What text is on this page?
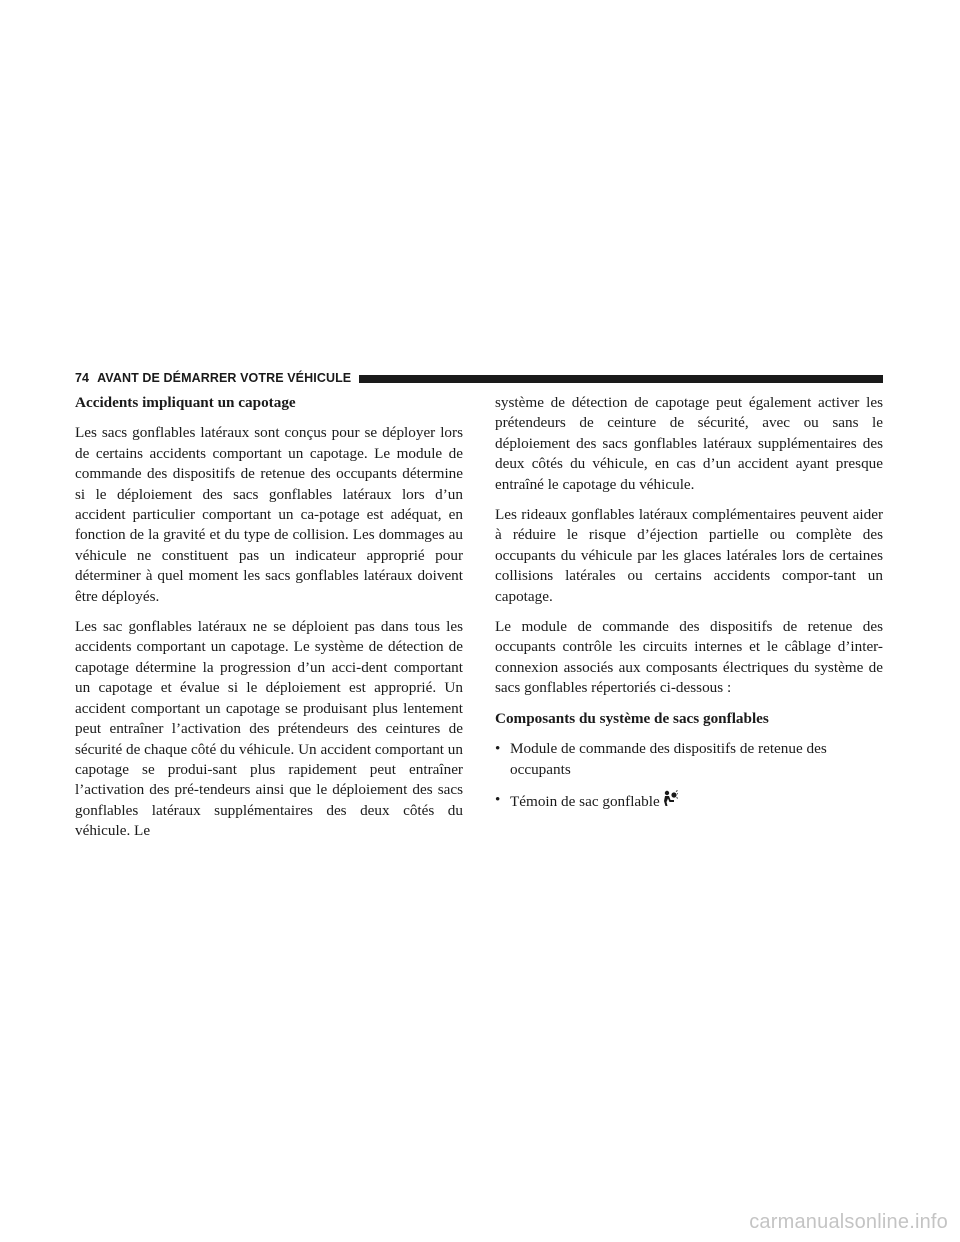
74 AVANT DE DÉMARRER VOTRE VÉHICULE
Accidents impliquant un capotage

Les sacs gonflables latéraux sont conçus pour se déployer lors de certains accidents comportant un capotage. Le module de commande des dispositifs de retenue des occupants détermine si le déploiement des sacs gonflables latéraux lors d’un accident particulier comportant un ca-potage est adéquat, en fonction de la gravité et du type de collision. Les dommages au véhicule ne constituent pas un indicateur approprié pour déterminer à quel moment les sacs gonflables latéraux doivent être déployés.

Les sac gonflables latéraux ne se déploient pas dans tous les accidents comportant un capotage. Le système de détection de capotage détermine la progression d’un acci-dent comportant un capotage et évalue si le déploiement est approprié. Un accident comportant un capotage se produisant plus lentement peut entraîner l’activation des prétendeurs des ceintures de sécurité de chaque côté du véhicule. Un accident comportant un capotage se produi-sant plus rapidement peut entraîner l’activation des pré-tendeurs ainsi que le déploiement des sacs gonflables latéraux supplémentaires des deux côtés du véhicule. Le

système de détection de capotage peut également activer les prétendeurs de ceinture de sécurité, avec ou sans le déploiement des sacs gonflables latéraux supplémentaires des deux côtés du véhicule, en cas d’un accident ayant presque entraîné le capotage du véhicule.

Les rideaux gonflables latéraux complémentaires peuvent aider à réduire le risque d’éjection partielle ou complète des occupants du véhicule par les glaces latérales lors de certaines collisions latérales ou certains accidents compor-tant un capotage.

Le module de commande des dispositifs de retenue des occupants contrôle les circuits internes et le câblage d’inter-connexion associés aux composants électriques du système de sacs gonflables répertoriés ci-dessous :

Composants du système de sacs gonflables
• Module de commande des dispositifs de retenue des occupants
• Témoin de sac gonflable
carmanualsonline.info
